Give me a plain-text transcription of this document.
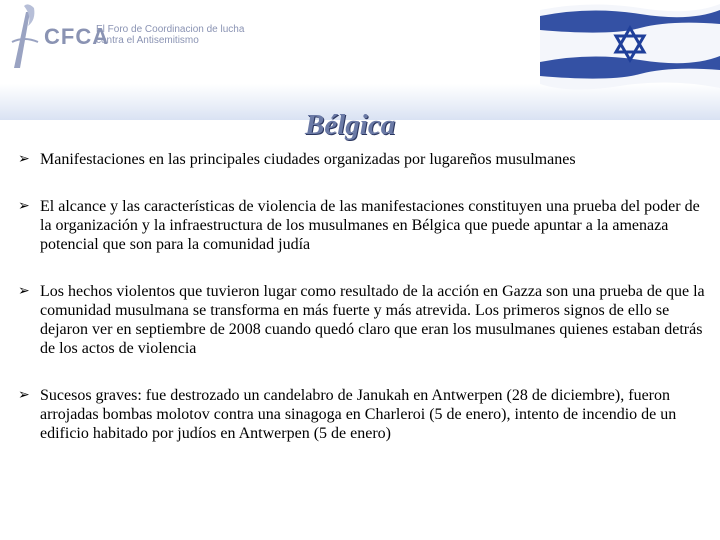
CFCA
El Foro de Coordinacion de lucha contra el Antisemitismo
Bélgica
➢ Manifestaciones en las principales ciudades organizadas por lugareños musulmanes
➢ El alcance y las características de violencia de las manifestaciones constituyen una prueba del poder de la organización y la infraestructura de los musulmanes en Bélgica que puede apuntar a la amenaza potencial que son para la comunidad judía
➢ Los hechos violentos que tuvieron lugar como resultado de la acción en Gazza son una prueba de que la comunidad musulmana se transforma en más fuerte y más atrevida. Los primeros signos de ello se dejaron ver en septiembre de 2008 cuando quedó claro que eran los musulmanes quienes estaban detrás de los actos de violencia
➢ Sucesos graves: fue destrozado un candelabro de Janukah en Antwerpen (28 de diciembre), fueron arrojadas bombas molotov contra una sinagoga en Charleroi (5 de enero), intento de incendio de un edificio habitado por judíos en Antwerpen (5 de enero)
